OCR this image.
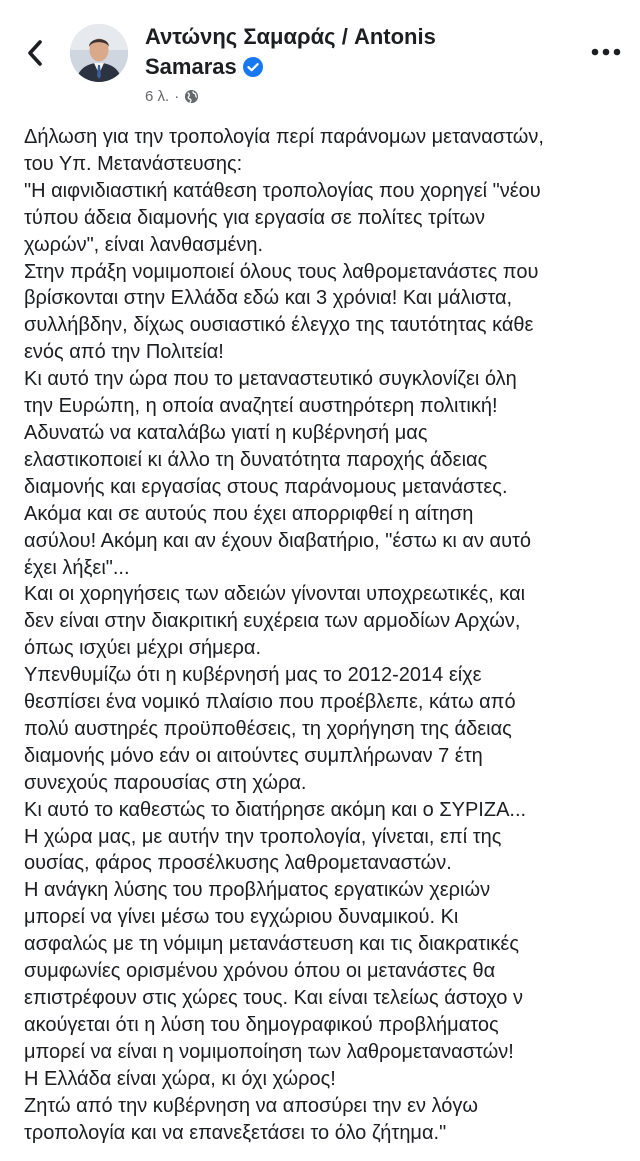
Αντώνης Σαμαράς / Antonis
Samaras
6 λ. ·

Δήλωση για την τροπολογία περί παράνομων μεταναστών,

του Υπ. Μετανάστευσης:

"Η αιφνιδιαστική κατάθεση τροπολογίας που χορηγεί "νέου

τύπου άδεια διαμονής για εργασία σε πολίτες τρίτων

χωρών", είναι λανθασμένη.

Στην πράξη νομιμοποιεί όλους τους λαθρομετανάστες που

βρίσκονται στην Ελλάδα εδώ και 3 χρόνια! Και μάλιστα,

συλλήβδην, δίχως ουσιαστικό έλεγχο της ταυτότητας κάθε

ενός από την Πολιτεία!

Κι αυτό την ώρα που το μεταναστευτικό συγκλονίζει όλη

την Ευρώπη, η οποία αναζητεί αυστηρότερη πολιτική!

Αδυνατώ να καταλάβω γιατί η κυβέρνησή μας

ελαστικοποιεί κι άλλο τη δυνατότητα παροχής άδειας

διαμονής και εργασίας στους παράνομους μετανάστες.

Ακόμα και σε αυτούς που έχει απορριφθεί η αίτηση

ασύλου! Ακόμη και αν έχουν διαβατήριο, "έστω κι αν αυτό

έχει λήξει"...

Και οι χορηγήσεις των αδειών γίνονται υποχρεωτικές, και

δεν είναι στην διακριτική ευχέρεια των αρμοδίων Αρχών,

όπως ισχύει μέχρι σήμερα.

Υπενθυμίζω ότι η κυβέρνησή μας το 2012-2014 είχε

θεσπίσει ένα νομικό πλαίσιο που προέβλεπε, κάτω από

πολύ αυστηρές προϋποθέσεις, τη χορήγηση της άδειας

διαμονής μόνο εάν οι αιτούντες συμπλήρωναν 7 έτη

συνεχούς παρουσίας στη χώρα.

Κι αυτό το καθεστώς το διατήρησε ακόμη και ο ΣΥΡΙΖΑ...

Η χώρα μας, με αυτήν την τροπολογία, γίνεται, επί της

ουσίας, φάρος προσέλκυσης λαθρομεταναστών.

Η ανάγκη λύσης του προβλήματος εργατικών χεριών

μπορεί να γίνει μέσω του εγχώριου δυναμικού. Κι

ασφαλώς με τη νόμιμη μετανάστευση και τις διακρατικές

συμφωνίες ορισμένου χρόνου όπου οι μετανάστες θα

επιστρέφουν στις χώρες τους. Και είναι τελείως άστοχο ν

ακούγεται ότι η λύση του δημογραφικού προβλήματος

μπορεί να είναι η νομιμοποίηση των λαθρομεταναστών!

Η Ελλάδα είναι χώρα, κι όχι χώρος!

Ζητώ από την κυβέρνηση να αποσύρει την εν λόγω

τροπολογία και να επανεξετάσει το όλο ζήτημα."
